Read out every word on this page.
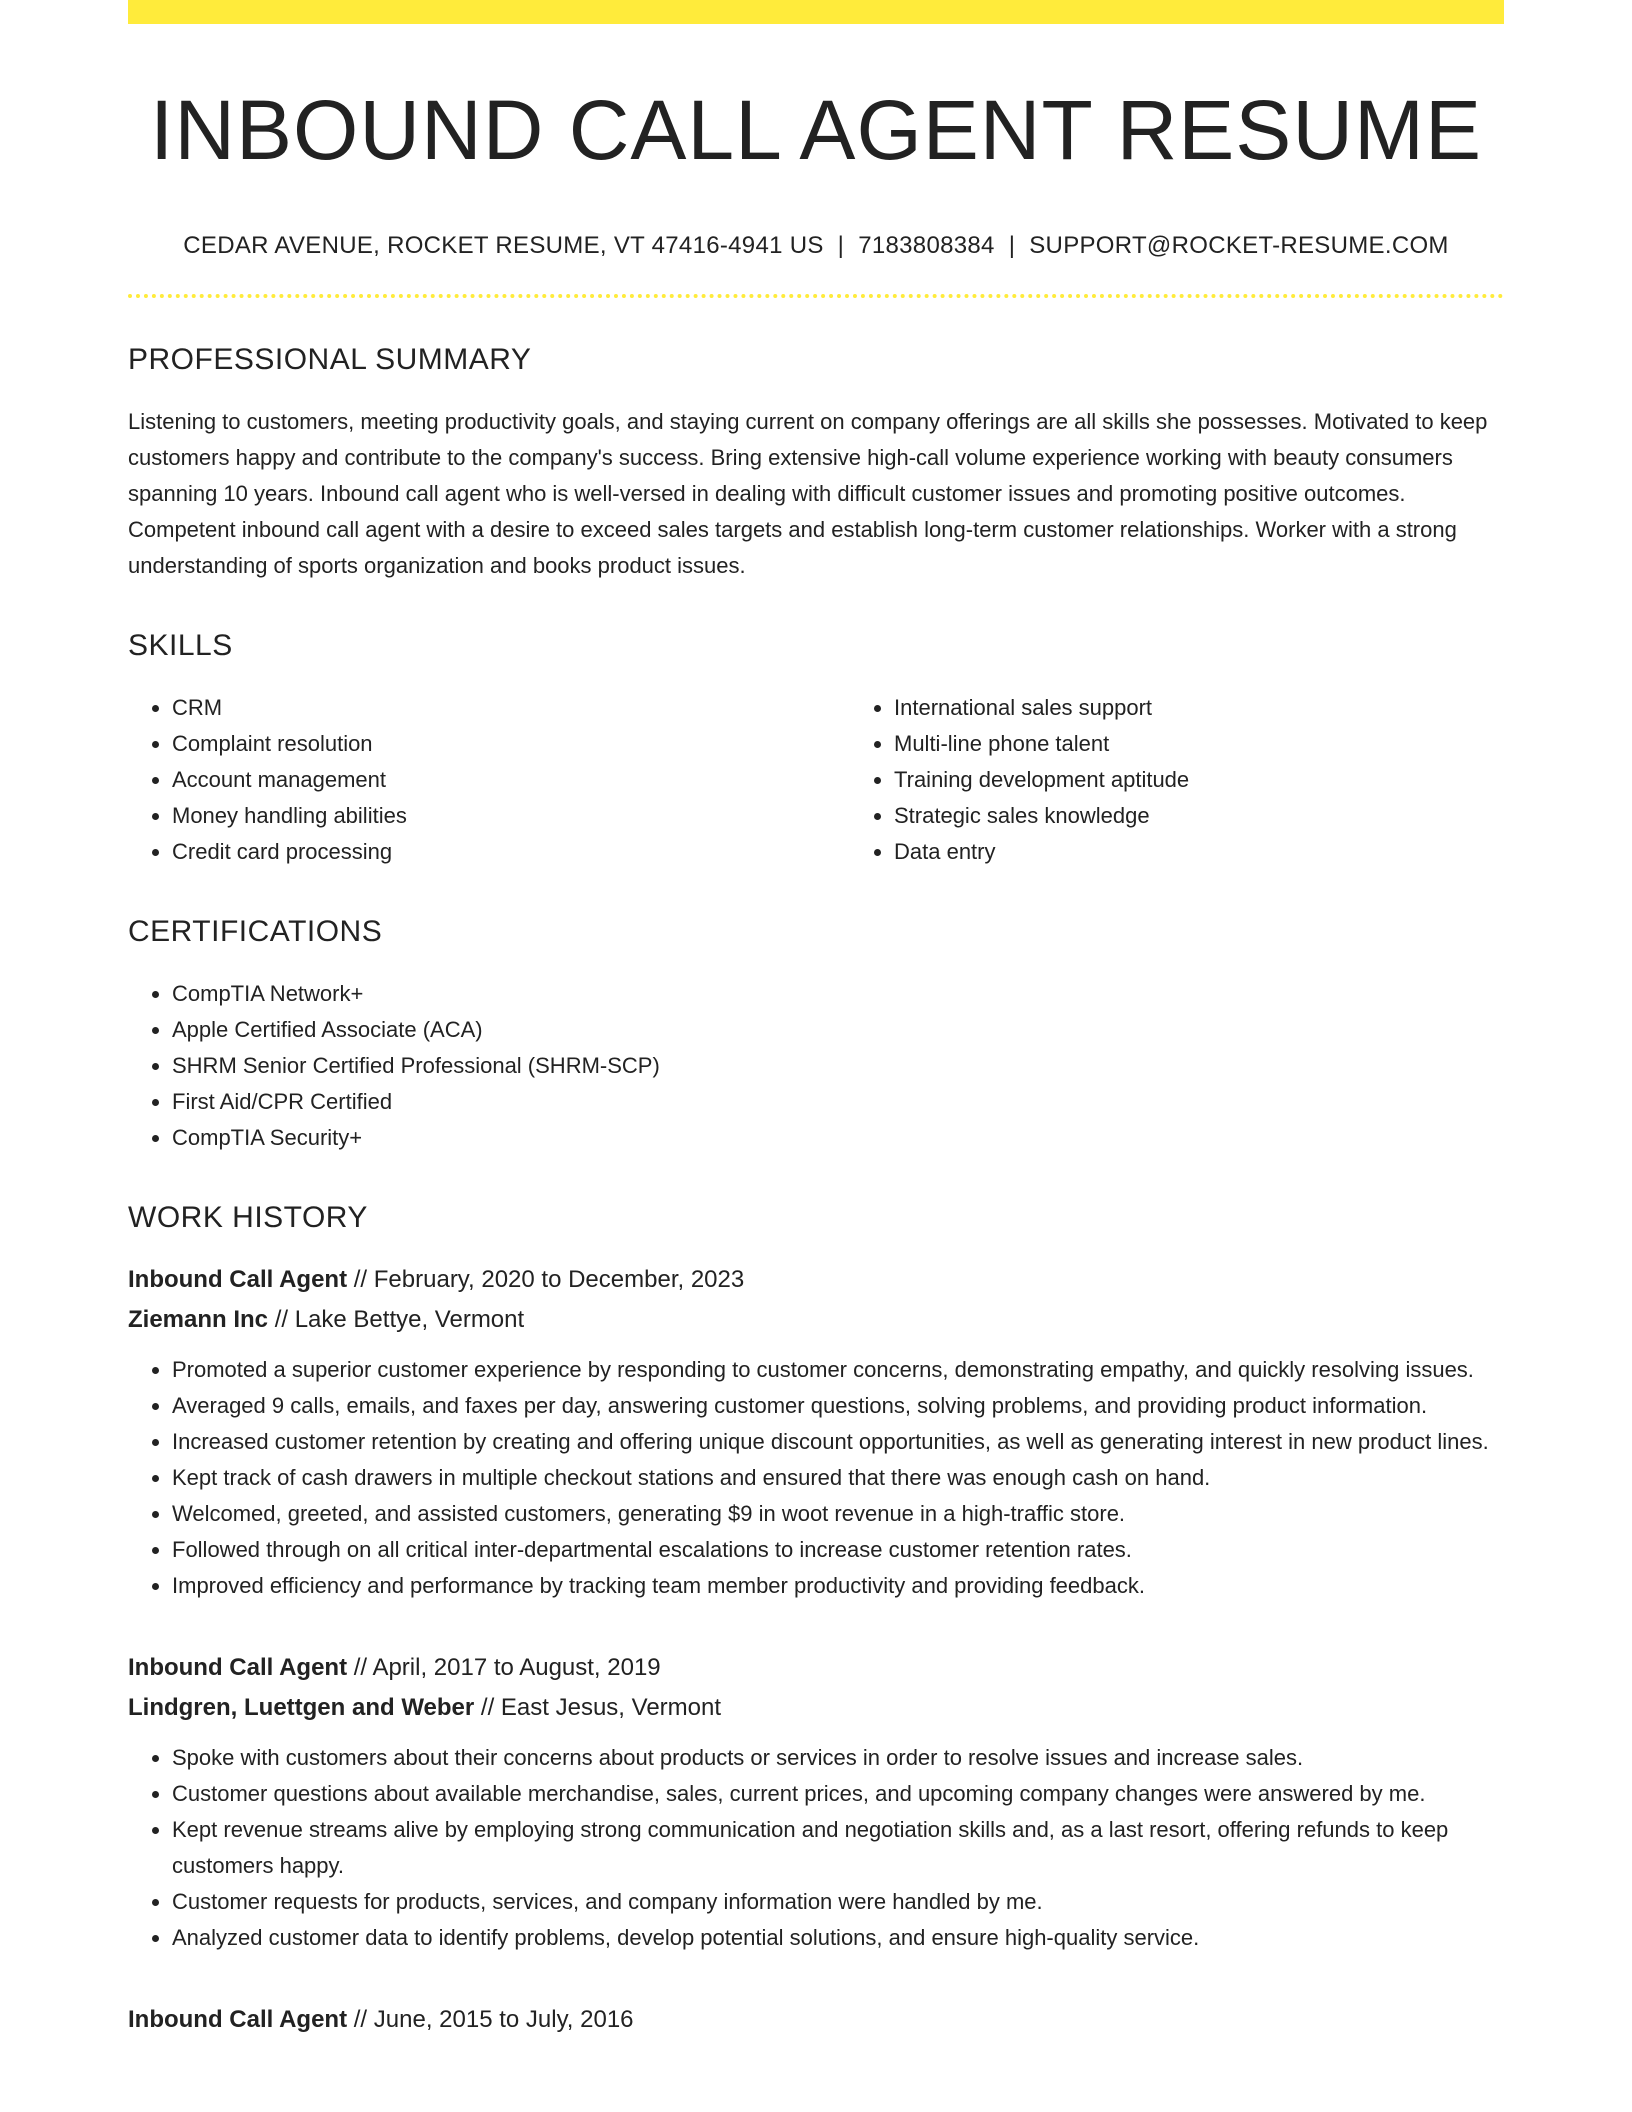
INBOUND CALL AGENT RESUME
CEDAR AVENUE, ROCKET RESUME, VT 47416-4941 US | 7183808384 | SUPPORT@ROCKET-RESUME.COM
PROFESSIONAL SUMMARY
Listening to customers, meeting productivity goals, and staying current on company offerings are all skills she possesses. Motivated to keep customers happy and contribute to the company's success. Bring extensive high-call volume experience working with beauty consumers spanning 10 years. Inbound call agent who is well-versed in dealing with difficult customer issues and promoting positive outcomes. Competent inbound call agent with a desire to exceed sales targets and establish long-term customer relationships. Worker with a strong understanding of sports organization and books product issues.
SKILLS
• CRM
• Complaint resolution
• Account management
• Money handling abilities
• Credit card processing
• International sales support
• Multi-line phone talent
• Training development aptitude
• Strategic sales knowledge
• Data entry
CERTIFICATIONS
• CompTIA Network+
• Apple Certified Associate (ACA)
• SHRM Senior Certified Professional (SHRM-SCP)
• First Aid/CPR Certified
• CompTIA Security+
WORK HISTORY
Inbound Call Agent // February, 2020 to December, 2023
Ziemann Inc // Lake Bettye, Vermont
• Promoted a superior customer experience by responding to customer concerns, demonstrating empathy, and quickly resolving issues.
• Averaged 9 calls, emails, and faxes per day, answering customer questions, solving problems, and providing product information.
• Increased customer retention by creating and offering unique discount opportunities, as well as generating interest in new product lines.
• Kept track of cash drawers in multiple checkout stations and ensured that there was enough cash on hand.
• Welcomed, greeted, and assisted customers, generating $9 in woot revenue in a high-traffic store.
• Followed through on all critical inter-departmental escalations to increase customer retention rates.
• Improved efficiency and performance by tracking team member productivity and providing feedback.
Inbound Call Agent // April, 2017 to August, 2019
Lindgren, Luettgen and Weber // East Jesus, Vermont
• Spoke with customers about their concerns about products or services in order to resolve issues and increase sales.
• Customer questions about available merchandise, sales, current prices, and upcoming company changes were answered by me.
• Kept revenue streams alive by employing strong communication and negotiation skills and, as a last resort, offering refunds to keep customers happy.
• Customer requests for products, services, and company information were handled by me.
• Analyzed customer data to identify problems, develop potential solutions, and ensure high-quality service.
Inbound Call Agent // June, 2015 to July, 2016
